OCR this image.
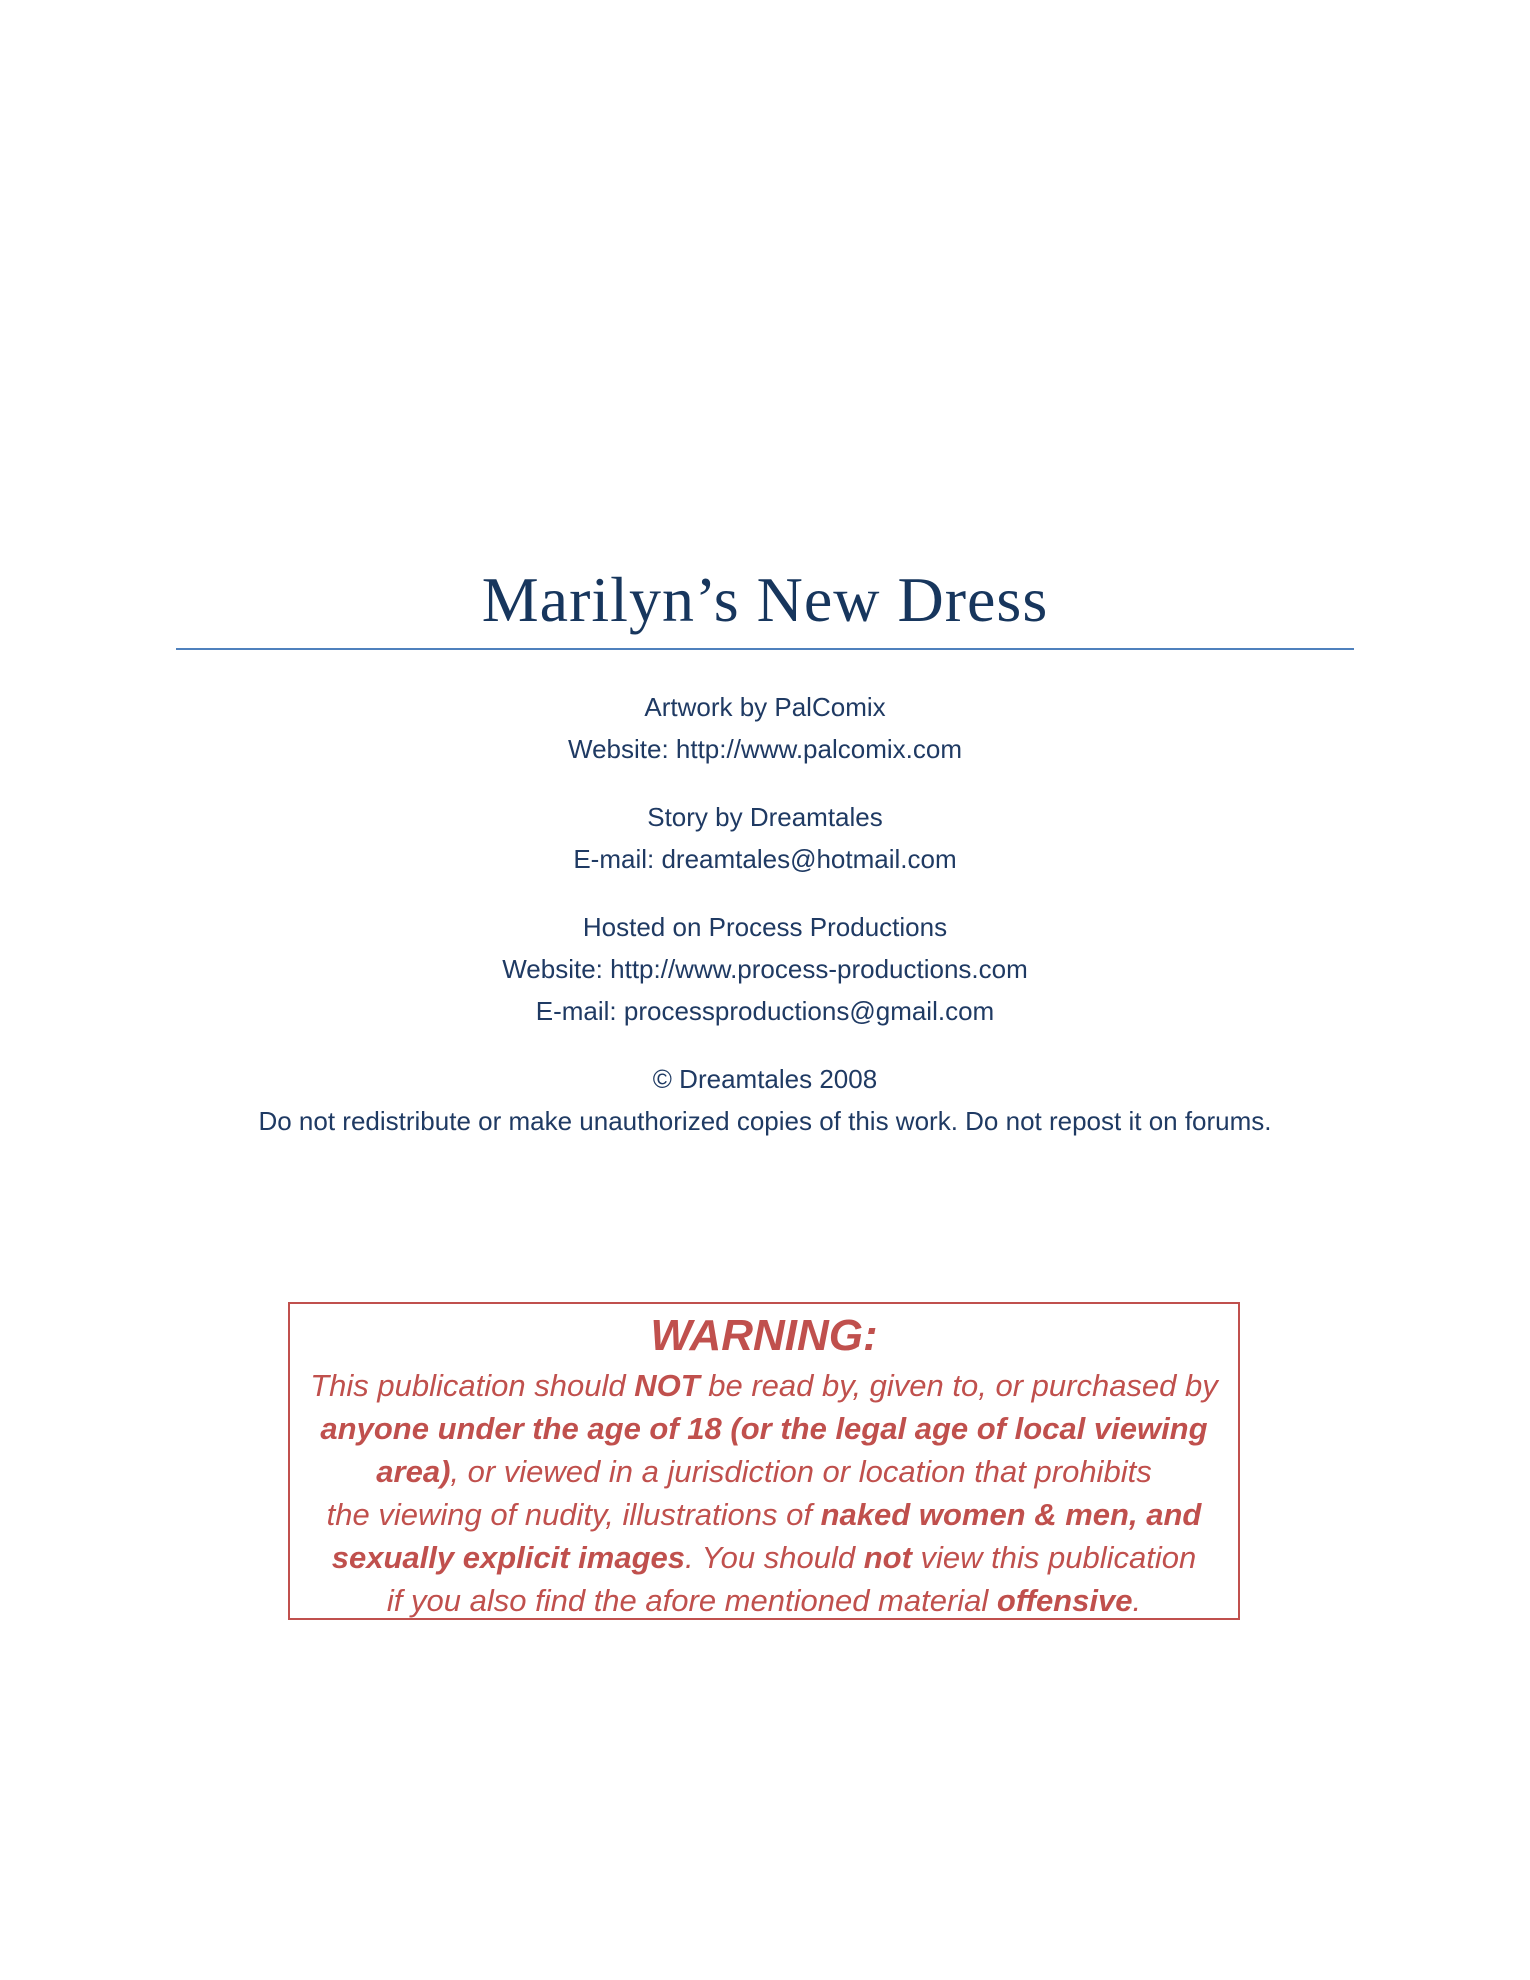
Marilyn’s New Dress
Artwork by PalComix
Website: http://www.palcomix.com
Story by Dreamtales
E-mail: dreamtales@hotmail.com
Hosted on Process Productions
Website: http://www.process-productions.com
E-mail: processproductions@gmail.com
© Dreamtales 2008
Do not redistribute or make unauthorized copies of this work. Do not repost it on forums.
WARNING:
This publication should NOT be read by, given to, or purchased by
anyone under the age of 18 (or the legal age of local viewing
area), or viewed in a jurisdiction or location that prohibits
the viewing of nudity, illustrations of naked women & men, and
sexually explicit images. You should not view this publication
if you also find the afore mentioned material offensive.
